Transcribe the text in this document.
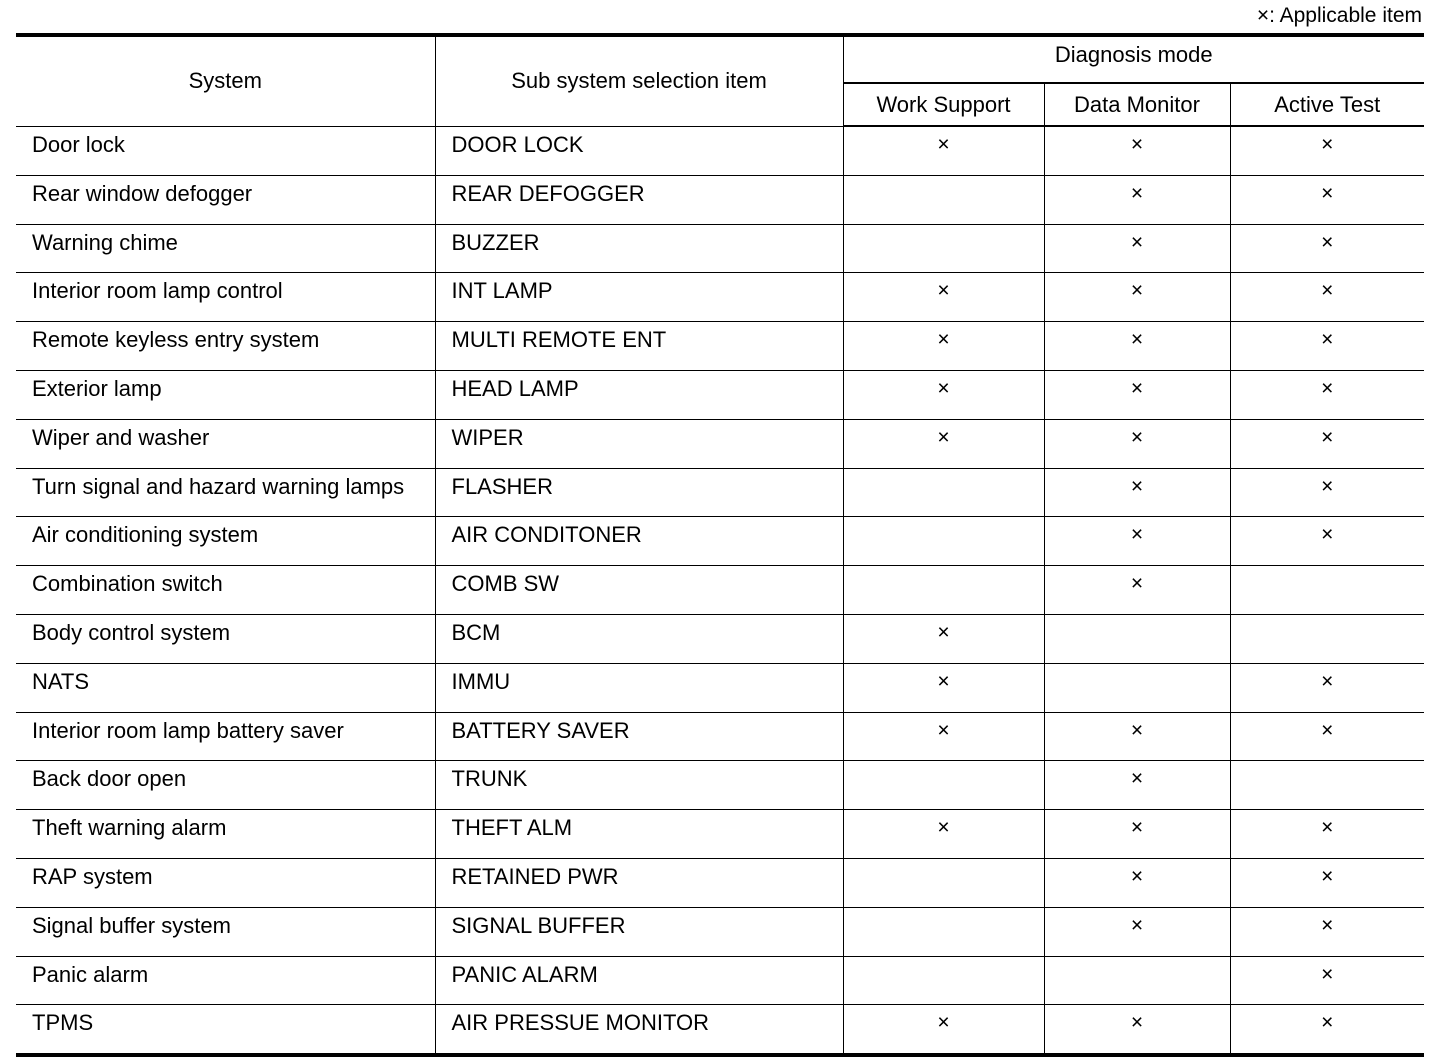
×: Applicable item
System	Sub system selection item	Diagnosis mode		
		Work Support	Data Monitor	Active Test
Door lock	DOOR LOCK	×	×	×
Rear window defogger	REAR DEFOGGER		×	×
Warning chime	BUZZER		×	×
Interior room lamp control	INT LAMP	×	×	×
Remote keyless entry system	MULTI REMOTE ENT	×	×	×
Exterior lamp	HEAD LAMP	×	×	×
Wiper and washer	WIPER	×	×	×
Turn signal and hazard warning lamps	FLASHER		×	×
Air conditioning system	AIR CONDITONER		×	×
Combination switch	COMB SW		×	
Body control system	BCM	×		
NATS	IMMU	×		×
Interior room lamp battery saver	BATTERY SAVER	×	×	×
Back door open	TRUNK		×	
Theft warning alarm	THEFT ALM	×	×	×
RAP system	RETAINED PWR		×	×
Signal buffer system	SIGNAL BUFFER		×	×
Panic alarm	PANIC ALARM			×
TPMS	AIR PRESSUE MONITOR	×	×	×
